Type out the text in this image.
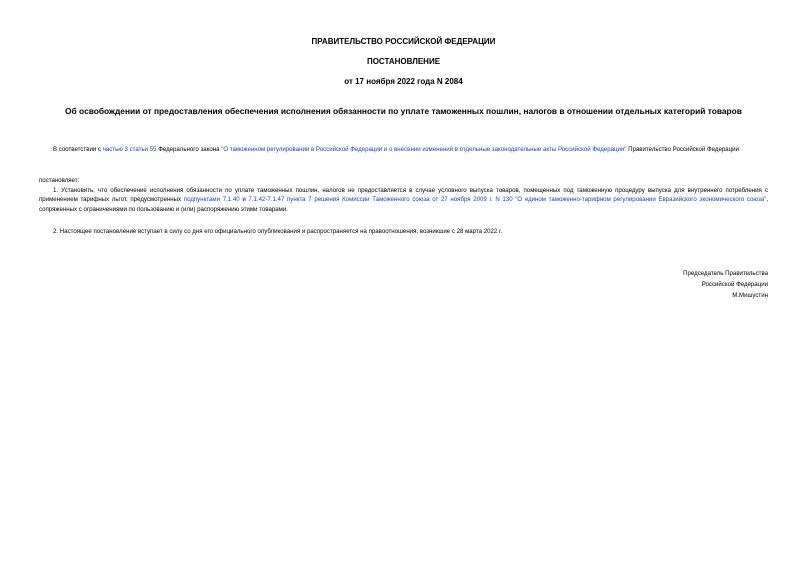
ПРАВИТЕЛЬСТВО РОССИЙСКОЙ ФЕДЕРАЦИИ
ПОСТАНОВЛЕНИЕ
от 17 ноября 2022 года N 2084
Об освобождении от предоставления обеспечения исполнения обязанности по уплате таможенных пошлин, налогов в отношении отдельных категорий товаров
В соответствии с частью 3 статьи 55 Федерального закона "О таможенном регулировании в Российской Федерации и о внесении изменений в отдельные законодательные акты Российской Федерации" Правительство Российской Федерации
постановляет:
1. Установить, что обеспечение исполнения обязанности по уплате таможенных пошлин, налогов не предоставляется в случае условного выпуска товаров, помещенных под таможенную процедуру выпуска для внутреннего потребления с применением тарифных льгот, предусмотренных подпунктами 7.1.40 и 7.1.42-7.1.47 пункта 7 решения Комиссии Таможенного союза от 27 ноября 2009 г. N 130 "О едином таможенно-тарифном регулировании Евразийского экономического союза", сопряженных с ограничениями по пользованию и (или) распоряжению этими товарами.
2. Настоящее постановление вступает в силу со дня его официального опубликования и распространяется на правоотношения, возникшие с 28 марта 2022 г.
Председатель Правительства
Российской Федерации
М.Мишустин
